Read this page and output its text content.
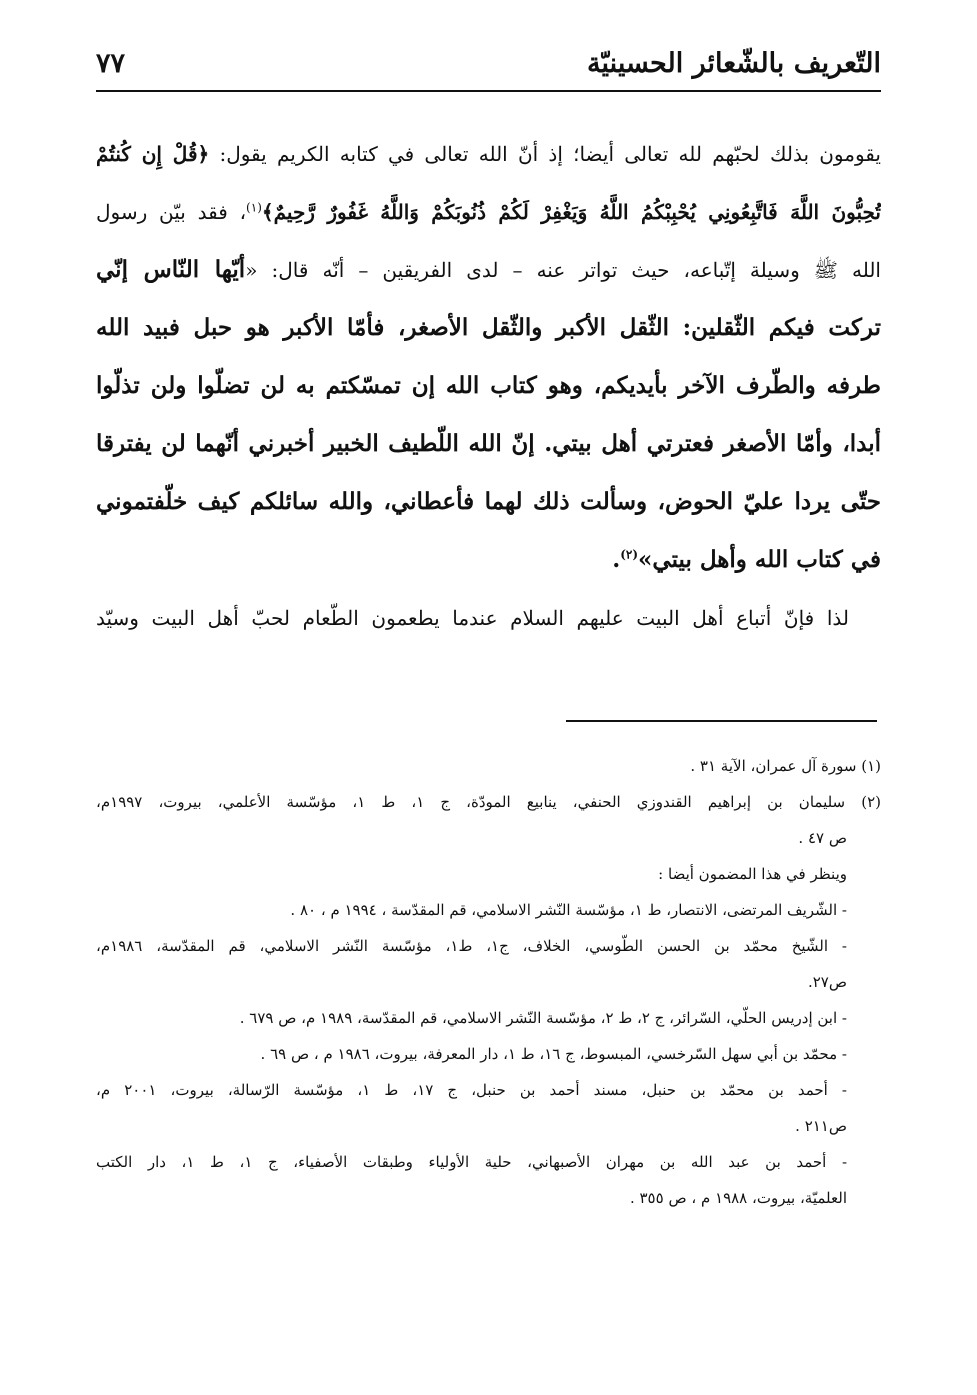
التّعريف بالشّعائر الحسينيّة
٧٧
يقومون بذلك لحبّهم لله تعالى أيضا؛ إذ أنّ الله تعالى في كتابه الكريم يقول: ﴿قُلْ إِن كُنتُمْ
تُحِبُّونَ اللَّهَ فَاتَّبِعُونِي يُحْبِبْكُمُ اللَّهُ وَيَغْفِرْ لَكُمْ ذُنُوبَكُمْ وَاللَّهُ غَفُورٌ رَّحِيمٌ﴾$^{(١)}$، فقد بيّن رسول
الله ﷺ وسيلة إتّباعه، حيث تواتر عنه – لدى الفريقين – أنّه قال: «أيّها النّاس إنّي
تركت فيكم الثّقلين: الثّقل الأكبر والثّقل الأصغر، فأمّا الأكبر هو حبل فبيد الله
طرفه والطّرف الآخر بأيديكم، وهو كتاب الله إن تمسّكتم به لن تضلّوا ولن تذلّوا
أبدا، وأمّا الأصغر فعترتي أهل بيتي. إنّ الله اللّطيف الخبير أخبرني أنّهما لن يفترقا
حتّى يردا عليّ الحوض، وسألت ذلك لهما فأعطاني، والله سائلكم كيف خلّفتموني
في كتاب الله وأهل بيتي»$^{(٢)}$.
لذا فإنّ أتباع أهل البيت عليهم السلام عندما يطعمون الطّعام لحبّ أهل البيت وسيّد
(١) سورة آل عمران، الآية ٣١ .
(٢) سليمان بن إبراهيم القندوزي الحنفي، ينابيع المودّة، ج ١، ط ١، مؤسّسة الأعلمي، بيروت، ١٩٩٧م،
ص ٤٧ .
وينظر في هذا المضمون أيضا :
- الشّريف المرتضى، الانتصار، ط ١، مؤسّسة النّشر الاسلامي، قم المقدّسة ، ١٩٩٤ م ، ٨٠ .
- الشّيخ محمّد بن الحسن الطّوسي، الخلاف، ج١، ط١، مؤسّسة النّشر الاسلامي، قم المقدّسة، ١٩٨٦م،
ص٢٧.
- ابن إدريس الحلّي، السّرائر، ج ٢، ط ٢، مؤسّسة النّشر الاسلامي، قم المقدّسة، ١٩٨٩ م، ص ٦٧٩ .
- محمّد بن أبي سهل السّرخسي، المبسوط، ج ١٦، ط ١، دار المعرفة، بيروت، ١٩٨٦ م ، ص ٦٩ .
- أحمد بن محمّد بن حنبل، مسند أحمد بن حنبل، ج ١٧، ط ١، مؤسّسة الرّسالة، بيروت، ٢٠٠١ م،
ص٢١١ .
- أحمد بن عبد الله بن مهران الأصبهاني، حلية الأولياء وطبقات الأصفياء، ج ١، ط ١، دار الكتب
العلميّة، بيروت، ١٩٨٨ م ، ص ٣٥٥ .
